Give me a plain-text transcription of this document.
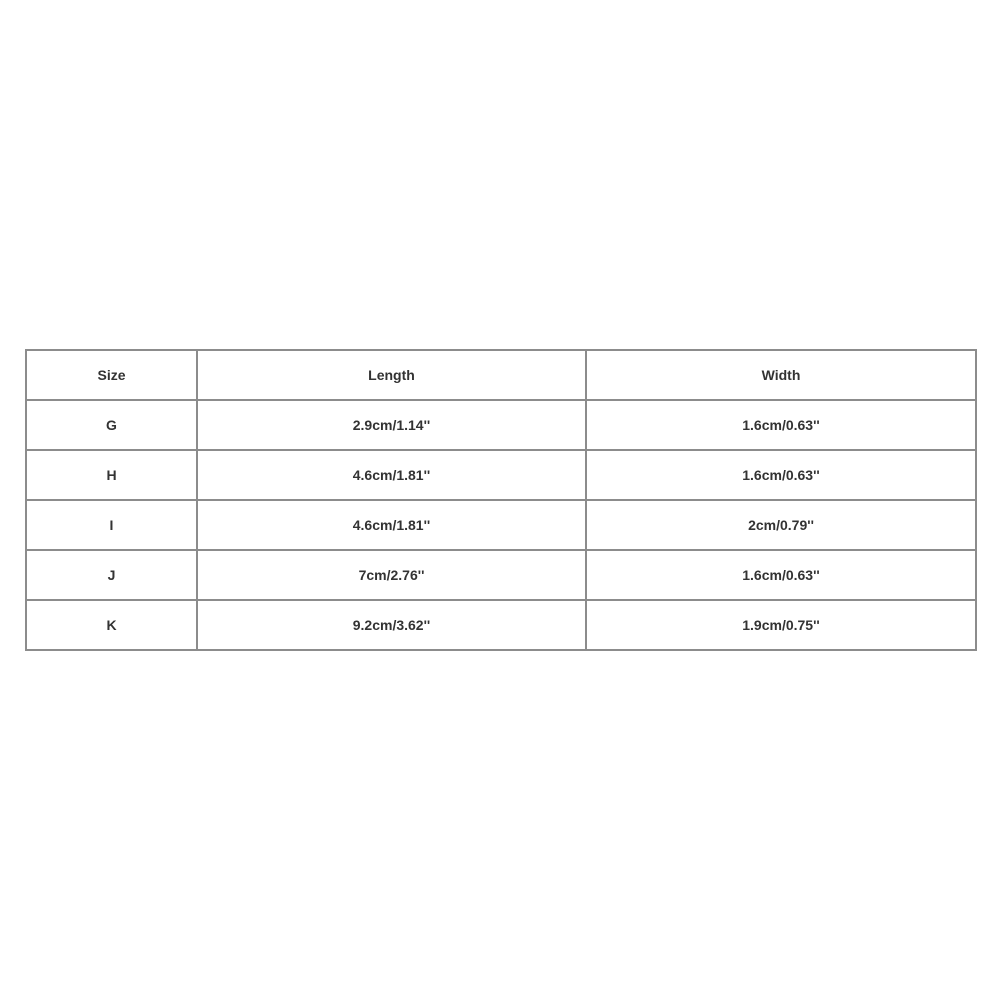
Size	Length	Width
G	2.9cm/1.14''	1.6cm/0.63''
H	4.6cm/1.81''	1.6cm/0.63''
I	4.6cm/1.81''	2cm/0.79''
J	7cm/2.76''	1.6cm/0.63''
K	9.2cm/3.62''	1.9cm/0.75''
